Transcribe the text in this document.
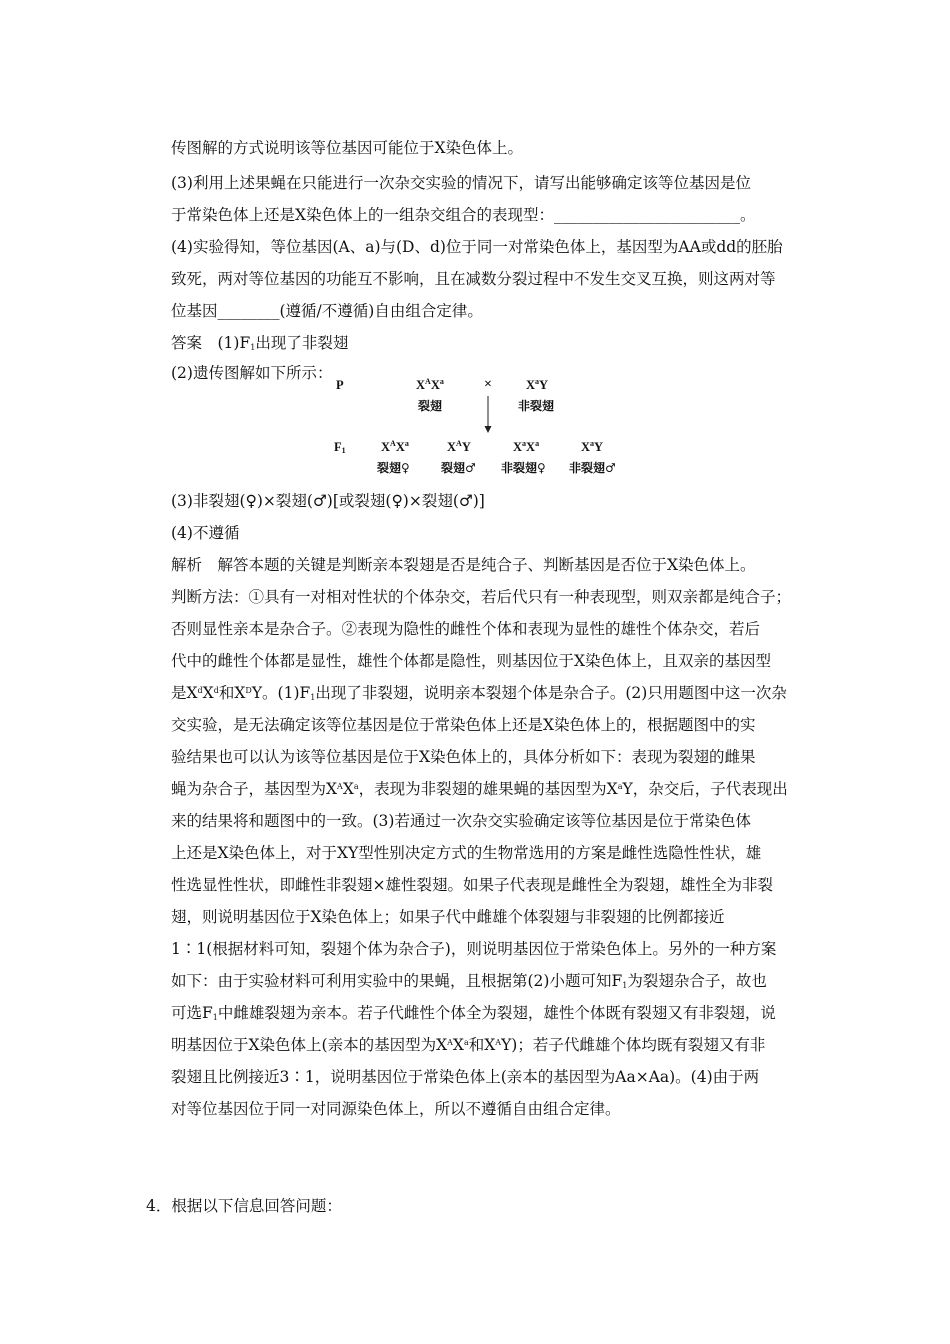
传图解的方式说明该等位基因可能位于X染色体上。
(3)利用上述果蝇在只能进行一次杂交实验的情况下，请写出能够确定该等位基因是位
于常染色体上还是X染色体上的一组杂交组合的表现型：________________________。
(4)实验得知，等位基因(A、a)与(D、d)位于同一对常染色体上，基因型为AA或dd的胚胎
致死，两对等位基因的功能互不影响，且在减数分裂过程中不发生交叉互换，则这两对等
位基因________(遵循/不遵循)自由组合定律。
答案　$(1)F_1$出现了非裂翅
(2)遗传图解如下所示：
P	$X^AX^a$	×	$X^aY$
裂翅	非裂翅
$F_1$	$X^AX^a$	$X^AY$	$X^aX^a$	$X^aY$
裂翅♀	裂翅♂ 非裂翅♀ 非裂翅♂
(3)非裂翅(♀)×裂翅(♂)[或裂翅(♀)×裂翅(♂)]
(4)不遵循
解析　解答本题的关键是判断亲本裂翅是否是纯合子、判断基因是否位于X染色体上。
判断方法：①具有一对相对性状的个体杂交，若后代只有一种表现型，则双亲都是纯合子；
否则显性亲本是杂合子。②表现为隐性的雌性个体和表现为显性的雄性个体杂交，若后
代中的雌性个体都是显性，雄性个体都是隐性，则基因位于X染色体上，且双亲的基因型
是$X^dX^d$和$X^DY$。$(1)F_1$出现了非裂翅，说明亲本裂翅个体是杂合子。(2)只用题图中这一次杂
交实验，是无法确定该等位基因是位于常染色体上还是X染色体上的，根据题图中的实
验结果也可以认为该等位基因是位于X染色体上的，具体分析如下：表现为裂翅的雌果
蝇为杂合子，基因型为$X^AX^a$，表现为非裂翅的雄果蝇的基因型为$X^aY$，杂交后，子代表现出
来的结果将和题图中的一致。(3)若通过一次杂交实验确定该等位基因是位于常染色体
上还是X染色体上，对于XY型性别决定方式的生物常选用的方案是雌性选隐性性状，雄
性选显性性状，即雌性非裂翅×雄性裂翅。如果子代表现是雌性全为裂翅，雄性全为非裂
翅，则说明基因位于X染色体上；如果子代中雌雄个体裂翅与非裂翅的比例都接近
1∶1(根据材料可知，裂翅个体为杂合子)，则说明基因位于常染色体上。另外的一种方案
如下：由于实验材料可利用实验中的果蝇，且根据第(2)小题可知$F_1$为裂翅杂合子，故也
可选$F_1$中雌雄裂翅为亲本。若子代雌性个体全为裂翅，雄性个体既有裂翅又有非裂翅，说
明基因位于X染色体上(亲本的基因型为$X^AX^a$和$X^AY$)；若子代雌雄个体均既有裂翅又有非
裂翅且比例接近3∶1，说明基因位于常染色体上(亲本的基因型为Aa×Aa)。(4)由于两
对等位基因位于同一对同源染色体上，所以不遵循自由组合定律。
4．根据以下信息回答问题：
